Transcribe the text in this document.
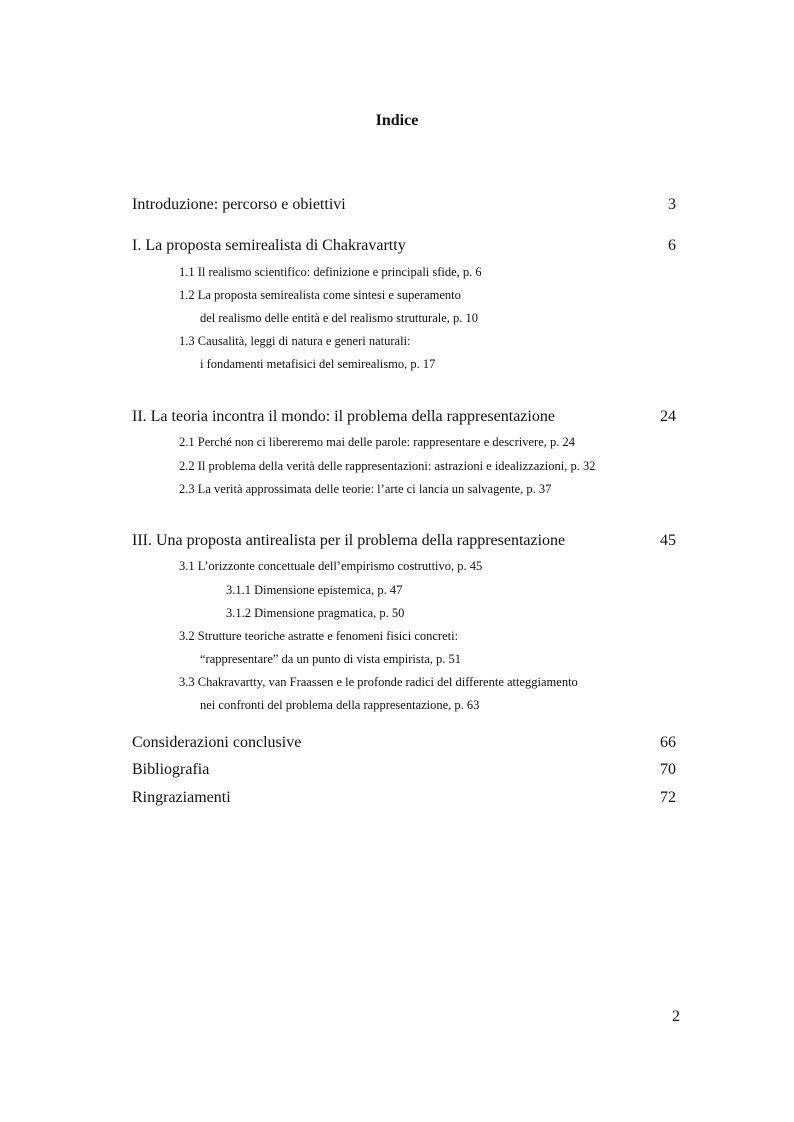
Indice
Introduzione: percorso e obiettivi	3
I. La proposta semirealista di Chakravartty	6
1.1 Il realismo scientifico: definizione e principali sfide, p. 6
1.2 La proposta semirealista come sintesi e superamento
del realismo delle entità e del realismo strutturale, p. 10
1.3 Causalità, leggi di natura e generi naturali:
i fondamenti metafisici del semirealismo, p. 17
II. La teoria incontra il mondo: il problema della rappresentazione	24
2.1 Perché non ci libereremo mai delle parole: rappresentare e descrivere, p. 24
2.2 Il problema della verità delle rappresentazioni: astrazioni e idealizzazioni, p. 32
2.3 La verità approssimata delle teorie: l’arte ci lancia un salvagente, p. 37
III. Una proposta antirealista per il problema della rappresentazione	45
3.1 L’orizzonte concettuale dell’empirismo costruttivo, p. 45
3.1.1 Dimensione epistemica, p. 47
3.1.2 Dimensione pragmatica, p. 50
3.2 Strutture teoriche astratte e fenomeni fisici concreti:
“rappresentare” da un punto di vista empirista, p. 51
3.3 Chakravartty, van Fraassen e le profonde radici del differente atteggiamento
nei confronti del problema della rappresentazione, p. 63
Considerazioni conclusive	66
Bibliografia	70
Ringraziamenti	72
2
